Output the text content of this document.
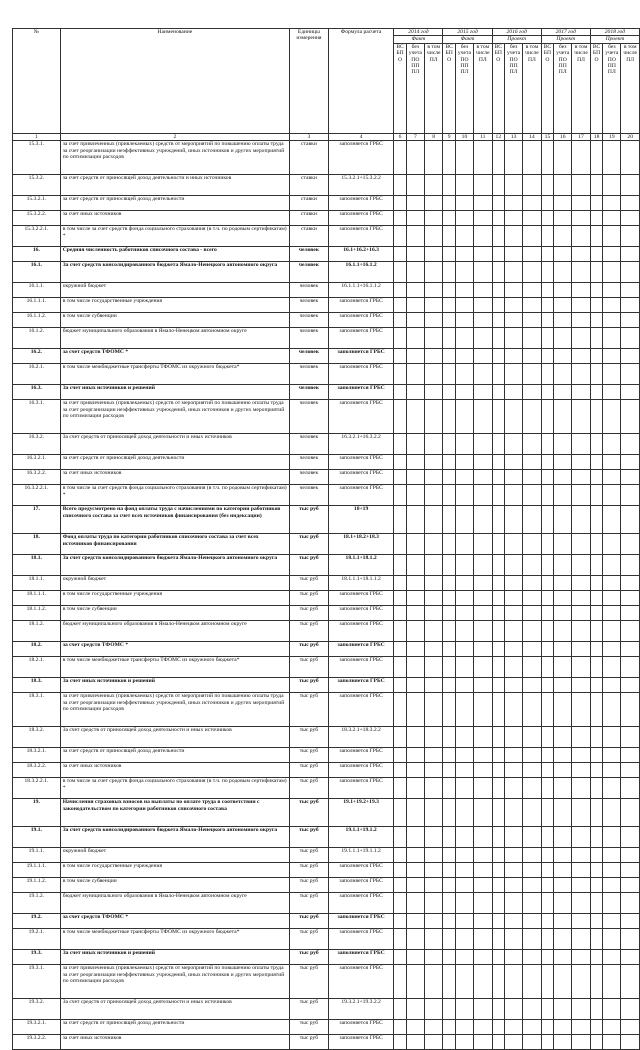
№	Наименование	Единицы измерения	Формула расчета	2014 год			2015 год			2016 год			2017 год			2018 год		
				Факт			Факт			Проект			Проект			Проект		
				ВС БП О	без учета ПО ПП ПЛ	в том числе ПЛ	ВС БП О	без учета ПО ПП ПЛ	в том числе ПЛ	ВС БП О	без учета ПО ПП ПЛ	в том числе ПЛ	ВС БП О	без учета ПО ПП ПЛ	в том числе ПЛ	ВС БП О	без учета ПО ПП ПЛ	в том числе ПЛ
1	2	3	4	6	7	8	9	10	11	12	13	14	15	16	17	18	19	20
15.3.1.	за счет привлеченных (привлекаемых) средств от мероприятий по повышению оплаты труда за счет реорганизации неэффективных учреждений, иных источников и других мероприятий по оптимизации расходов	ставки	заполняется ГРБС															
15.3.2.	за счет средств от приносящей доход деятельности и иных источников	ставки	15.3.2.1+15.3.2.2															
15.3.2.1.	за счет средств от приносящей доход деятельности	ставки	заполняется ГРБС															
15.3.2.2.	за счет иных источников	ставки	заполняется ГРБС															
15.3.2.2.1.	в том числе за счет средств фонда социального страхования (в т.ч. по родовым сертификатам) *	ставки	заполняется ГРБС															
16.	Средняя численность работников списочного состава - всего	человек	16.1+16.2+16.3															
16.1.	За счет средств консолидированного бюджета Ямало-Ненецкого автономного округа	человек	16.1.1+16.1.2															
16.1.1.	окружной бюджет	человек	16.1.1.1+16.1.1.2															
16.1.1.1.	в том числе государственные учреждения	человек	заполняется ГРБС															
16.1.1.2.	в том числе субвенции	человек	заполняется ГРБС															
16.1.2.	бюджет муниципального образования в Ямало-Ненецком автономном округе	человек	заполняется ГРБС															
16.2.	за счет средств ТФОМС *	человек	заполняется ГРБС															
16.2.1.	в том числе межбюджетные трансферты ТФОМС из окружного бюджета*	человек	заполняется ГРБС															
16.3.	За счет иных источников и решений	человек	заполняется ГРБС															
16.3.1.	за счет привлеченных (привлекаемых) средств от мероприятий по повышению оплаты труда за счет реорганизации неэффективных учреждений, иных источников и других мероприятий по оптимизации расходов	человек	заполняется ГРБС															
16.3.2.	За счет средств от приносящей доход деятельности и иных источников	человек	16.3.2.1+16.3.2.2															
16.3.2.1.	за счет средств от приносящей доход деятельности	человек	заполняется ГРБС															
16.3.2.2.	за счет иных источников	человек	заполняется ГРБС															
16.3.2.2.1.	в том числе за счет средств фонда социального страхования (в т.ч. по родовым сертификатам) *	человек	заполняется ГРБС															
17.	Всего предусмотрено на фонд оплаты труда с начислениями по категории работников списочного состава за счет всех источников финансирования (без индексации)	тыс руб	18+19															
18.	Фонд оплаты труда по категории работников списочного состава за счет всех источников финансирования	тыс руб	18.1+18.2+18.3															
18.1.	За счет средств консолидированного бюджета Ямало-Ненецкого автономного округа	тыс руб	18.1.1+18.1.2															
18.1.1.	окружной бюджет	тыс руб	18.1.1.1+18.1.1.2															
18.1.1.1.	в том числе государственные учреждения	тыс руб	заполняется ГРБС															
18.1.1.2.	в том числе субвенции	тыс руб	заполняется ГРБС															
18.1.2.	бюджет муниципального образования в Ямало-Ненецком автономном округе	тыс руб	заполняется ГРБС															
18.2.	за счет средств ТФОМС *	тыс руб	заполняется ГРБС															
18.2.1.	в том числе межбюджетные трансферты ТФОМС из окружного бюджета*	тыс руб	заполняется ГРБС															
18.3.	За счет иных источников и решений	тыс руб	заполняется ГРБС															
18.3.1.	за счет привлеченных (привлекаемых) средств от мероприятий по повышению оплаты труда за счет реорганизации неэффективных учреждений, иных источников и других мероприятий по оптимизации расходов	тыс руб	заполняется ГРБС															
18.3.2.	За счет средств от приносящей доход деятельности и иных источников	тыс руб	18.3.2.1+18.3.2.2															
18.3.2.1.	за счет средств от приносящей доход деятельности	тыс руб	заполняется ГРБС															
18.3.2.2.	за счет иных источников	тыс руб	заполняется ГРБС															
18.3.2.2.1.	в том числе за счет средств фонда социального страхования (в т.ч. по родовым сертификатам) *	тыс руб	заполняется ГРБС															
19.	Начисления страховых взносов на выплаты по оплате труда в соответствии с законодательством по категории работников списочного состава	тыс руб	19.1+19.2+19.3															
19.1.	За счет средств консолидированного бюджета Ямало-Ненецкого автономного округа	тыс руб	19.1.1+19.1.2															
19.1.1.	окружной бюджет	тыс руб	19.1.1.1+19.1.1.2															
19.1.1.1.	в том числе государственные учреждения	тыс руб	заполняется ГРБС															
19.1.1.2.	в том числе субвенции	тыс руб	заполняется ГРБС															
19.1.2.	бюджет муниципального образования в Ямало-Ненецком автономном округе	тыс руб	заполняется ГРБС															
19.2.	за счет средств ТФОМС *	тыс руб	заполняется ГРБС															
19.2.1.	в том числе межбюджетные трансферты ТФОМС из окружного бюджета*	тыс руб	заполняется ГРБС															
19.3.	За счет иных источников и решений	тыс руб	заполняется ГРБС															
19.3.1.	за счет привлеченных (привлекаемых) средств от мероприятий по повышению оплаты труда за счет реорганизации неэффективных учреждений, иных источников и других мероприятий по оптимизации расходов	тыс руб	заполняется ГРБС															
19.3.2.	За счет средств от приносящей доход деятельности и иных источников	тыс руб	19.3.2.1+19.3.2.2															
19.3.2.1.	за счет средств от приносящей доход деятельности	тыс руб	заполняется ГРБС															
19.3.2.2.	за счет иных источников	тыс руб	заполняется ГРБС															
